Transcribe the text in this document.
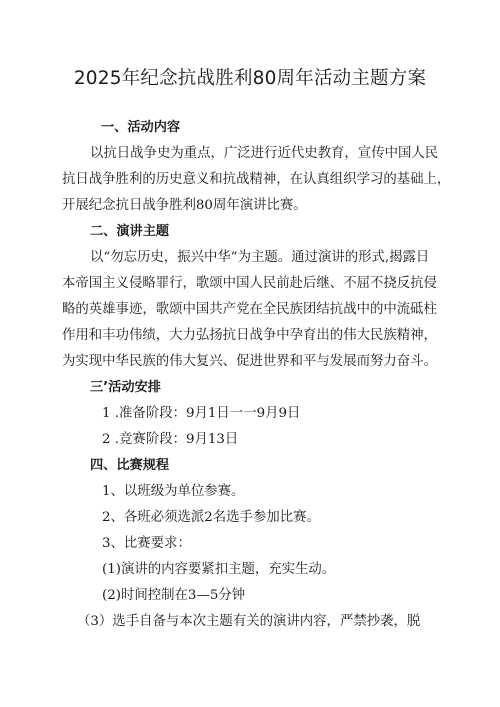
2025年纪念抗战胜利80周年活动主题方案
一、活动内容
以抗日战争史为重点，广泛进行近代史教育，宣传中国人民
抗日战争胜利的历史意义和抗战精神，在认真组织学习的基础上，
开展纪念抗日战争胜利80周年演讲比赛。
二、演讲主题
以“勿忘历史，振兴中华”为主题。通过演讲的形式,揭露日
本帝国主义侵略罪行，歌颂中国人民前赴后继、不屈不挠反抗侵
略的英雄事迹，歌颂中国共产党在全民族团结抗战中的中流砥柱
作用和丰功伟绩，大力弘扬抗日战争中孕育出的伟大民族精神，
为实现中华民族的伟大复兴、促进世界和平与发展而努力奋斗。
三’活动安排
1 .准备阶段：9月1日一一9月9日
2 .竞赛阶段：9月13日
四、比赛规程
1、以班级为单位参赛。
2、各班必须选派2名选手参加比赛。
3、比赛要求：
(1)演讲的内容要紧扣主题，充实生动。
(2)时间控制在3—5分钟
（3）选手自备与本次主题有关的演讲内容，严禁抄袭，脱
